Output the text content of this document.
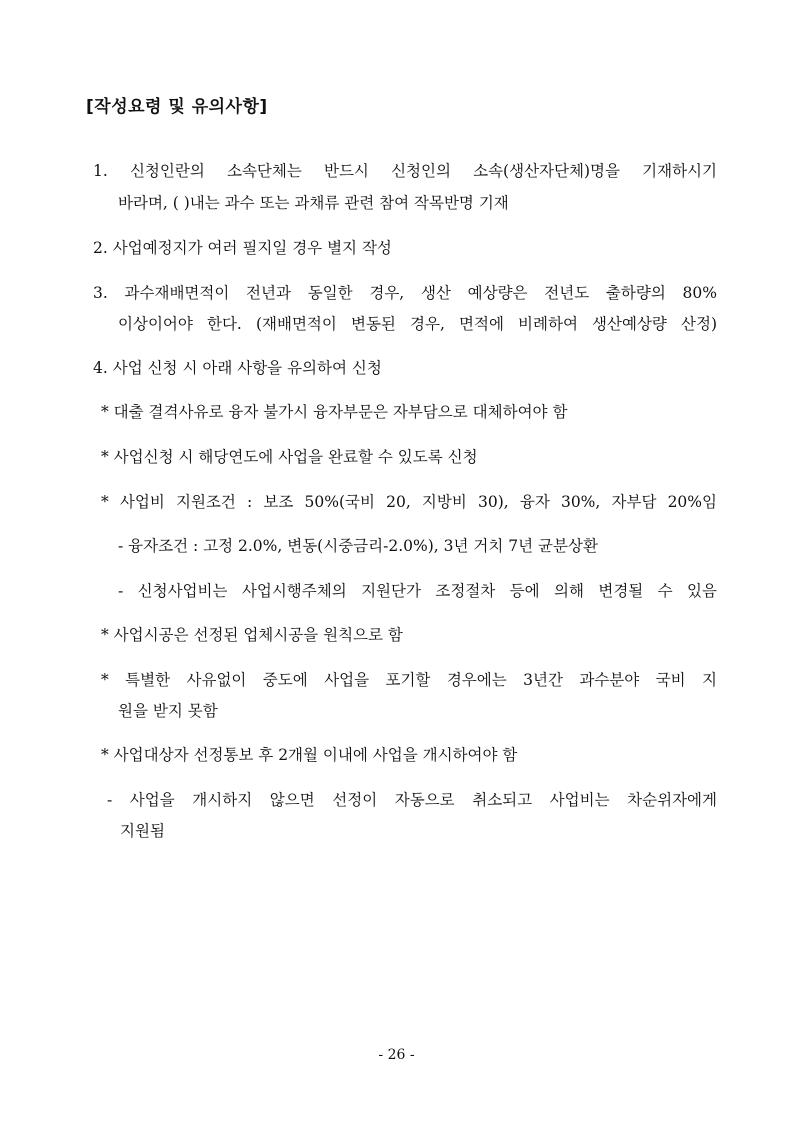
[작성요령 및 유의사항]
1. 신청인란의 소속단체는 반드시 신청인의 소속(생산자단체)명을 기재하시기
바라며, ( )내는 과수 또는 과채류 관련 참여 작목반명 기재
2. 사업예정지가 여러 필지일 경우 별지 작성
3. 과수재배면적이 전년과 동일한 경우, 생산 예상량은 전년도 출하량의 80%
이상이어야 한다. (재배면적이 변동된 경우, 면적에 비례하여 생산예상량 산정)
4. 사업 신청 시 아래 사항을 유의하여 신청
* 대출 결격사유로 융자 불가시 융자부문은 자부담으로 대체하여야 함
* 사업신청 시 해당연도에 사업을 완료할 수 있도록 신청
* 사업비 지원조건 : 보조 50%(국비 20, 지방비 30), 융자 30%, 자부담 20%임
- 융자조건 : 고정 2.0%, 변동(시중금리-2.0%), 3년 거치 7년 균분상환
- 신청사업비는 사업시행주체의 지원단가 조정절차 등에 의해 변경될 수 있음
* 사업시공은 선정된 업체시공을 원칙으로 함
* 특별한 사유없이 중도에 사업을 포기할 경우에는 3년간 과수분야 국비 지
원을 받지 못함
* 사업대상자 선정통보 후 2개월 이내에 사업을 개시하여야 함
- 사업을 개시하지 않으면 선정이 자동으로 취소되고 사업비는 차순위자에게
지원됨
- 26 -
